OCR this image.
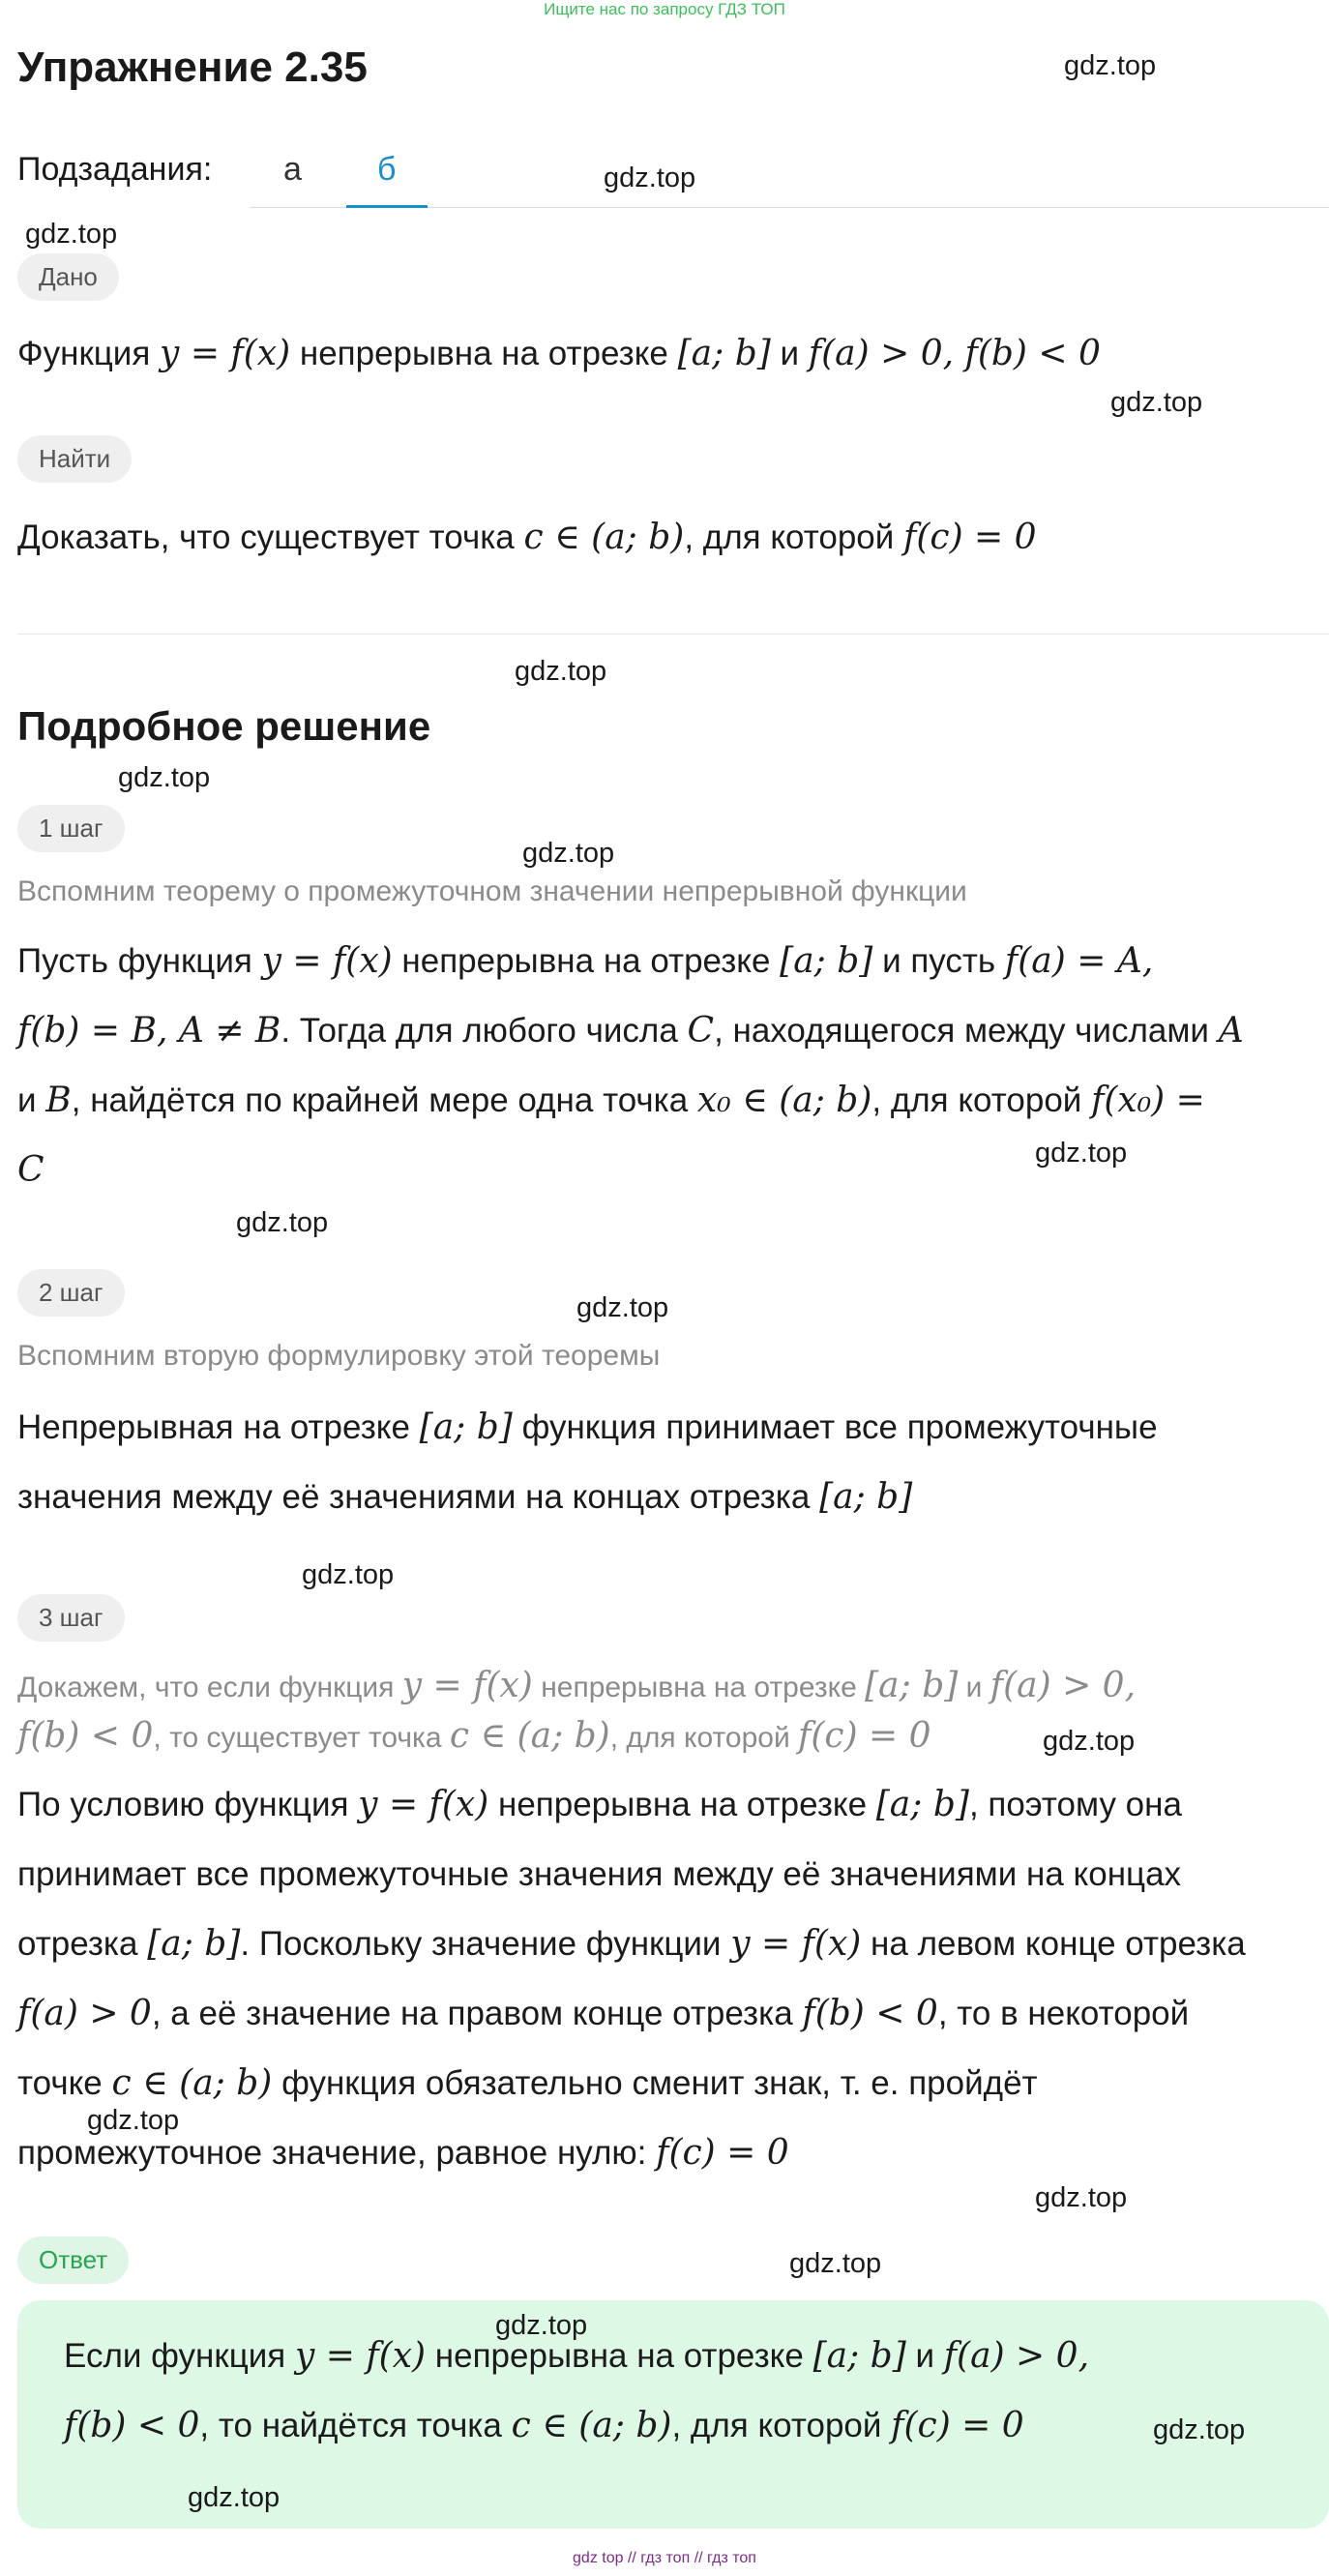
Ищите нас по запросу ГДЗ ТОП
Упражнение 2.35
Подзадания: а б
Дано
Функция y = f(x) непрерывна на отрезке [a; b] и f(a) > 0, f(b) < 0
Найти
Доказать, что существует точка c ∈ (a; b), для которой f(c) = 0
Подробное решение
1 шаг
Вспомним теорему о промежуточном значении непрерывной функции
Пусть функция y = f(x) непрерывна на отрезке [a; b] и пусть f(a) = A,
f(b) = B, A ≠ B. Тогда для любого числа C, находящегося между числами A
и B, найдётся по крайней мере одна точка x₀ ∈ (a; b), для которой f(x₀) =
C
2 шаг
Вспомним вторую формулировку этой теоремы
Непрерывная на отрезке [a; b] функция принимает все промежуточные
значения между её значениями на концах отрезка [a; b]
3 шаг
Докажем, что если функция y = f(x) непрерывна на отрезке [a; b] и f(a) > 0,
f(b) < 0, то существует точка c ∈ (a; b), для которой f(c) = 0
По условию функция y = f(x) непрерывна на отрезке [a; b], поэтому она
принимает все промежуточные значения между её значениями на концах
отрезка [a; b]. Поскольку значение функции y = f(x) на левом конце отрезка
f(a) > 0, а её значение на правом конце отрезка f(b) < 0, то в некоторой
точке c ∈ (a; b) функция обязательно сменит знак, т. е. пройдёт
промежуточное значение, равное нулю: f(c) = 0
Ответ
Если функция y = f(x) непрерывна на отрезке [a; b] и f(a) > 0,
f(b) < 0, то найдётся точка c ∈ (a; b), для которой f(c) = 0
gdz.top
gdz.top
gdz.top
gdz.top
gdz.top
gdz.top
gdz.top
gdz.top
gdz.top
gdz.top
gdz.top
gdz.top
gdz.top
gdz.top
gdz.top
gdz.top
gdz.top
gdz.top
gdz top // гдз топ // гдз топ
